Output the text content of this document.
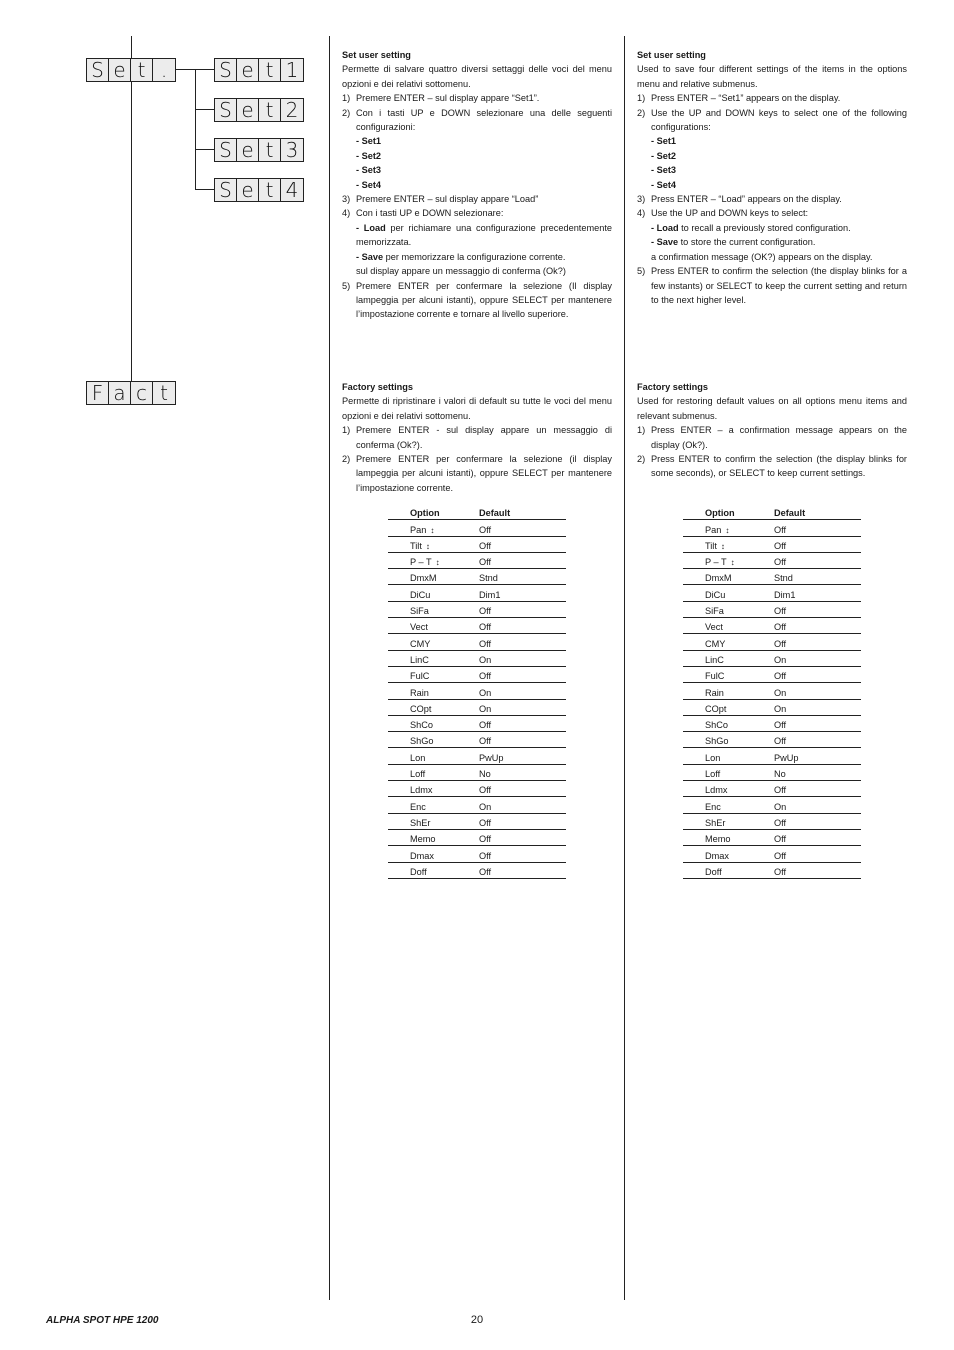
S e t .	S e t 1
S e t 2
S e t 3
S e t 4
F a c t
Set user setting

Permette di salvare quattro diversi settaggi delle voci del menu opzioni e dei relativi sottomenu.

1) Premere ENTER – sul display appare “Set1”.
2) Con i tasti UP e DOWN selezionare una delle seguenti configurazioni:
- Set1
- Set2
- Set3
- Set4
3) Premere ENTER – sul display appare “Load”
4) Con i tasti UP e DOWN selezionare:

- Load per richiamare una configurazione precedentemente memorizzata.

- Save per memorizzare la configurazione corrente.

sul display appare un messaggio di conferma (Ok?)

5) Premere ENTER per confermare la selezione (Il display lampeggia per alcuni istanti), oppure SELECT per mantenere l’impostazione corrente e tornare al livello superiore.
Factory settings

Permette di ripristinare i valori di default su tutte le voci del menu opzioni e dei relativi sottomenu.

1) Premere ENTER - sul display appare un messaggio di conferma (Ok?).
2) Premere ENTER per confermare la selezione (il display lampeggia per alcuni istanti), oppure SELECT per mantenere l’impostazione corrente.
Option	Default
Pan ↕	Off
Tilt ↕	Off
P – T ↕	Off
DmxM	Stnd
DiCu	Dim1
SiFa	Off
Vect	Off
CMY	Off
LinC	On
FulC	Off
Rain	On
COpt	On
ShCo	Off
ShGo	Off
Lon	PwUp
Loff	No
Ldmx	Off
Enc	On
ShEr	Off
Memo	Off
Dmax	Off
Doff	Off
Set user setting

Used to save four different settings of the items in the options menu and relative submenus.

1) Press ENTER – “Set1” appears on the display.
2) Use the UP and DOWN keys to select one of the following configurations:
- Set1
- Set2
- Set3
- Set4
3) Press ENTER – “Load” appears on the display.
4) Use the UP and DOWN keys to select:

- Load to recall a previously stored configuration.

- Save to store the current configuration.

a confirmation message (OK?) appears on the display.

5) Press ENTER to confirm the selection (the display blinks for a few instants) or SELECT to keep the current setting and return to the next higher level.
Factory settings

Used for restoring default values on all options menu items and relevant submenus.

1) Press ENTER – a confirmation message appears on the display (Ok?).
2) Press ENTER to confirm the selection (the display blinks for some seconds), or SELECT to keep current settings.
Option	Default
Pan ↕	Off
Tilt ↕	Off
P – T ↕	Off
DmxM	Stnd
DiCu	Dim1
SiFa	Off
Vect	Off
CMY	Off
LinC	On
FulC	Off
Rain	On
COpt	On
ShCo	Off
ShGo	Off
Lon	PwUp
Loff	No
Ldmx	Off
Enc	On
ShEr	Off
Memo	Off
Dmax	Off
Doff	Off
ALPHA SPOT HPE 1200	20
